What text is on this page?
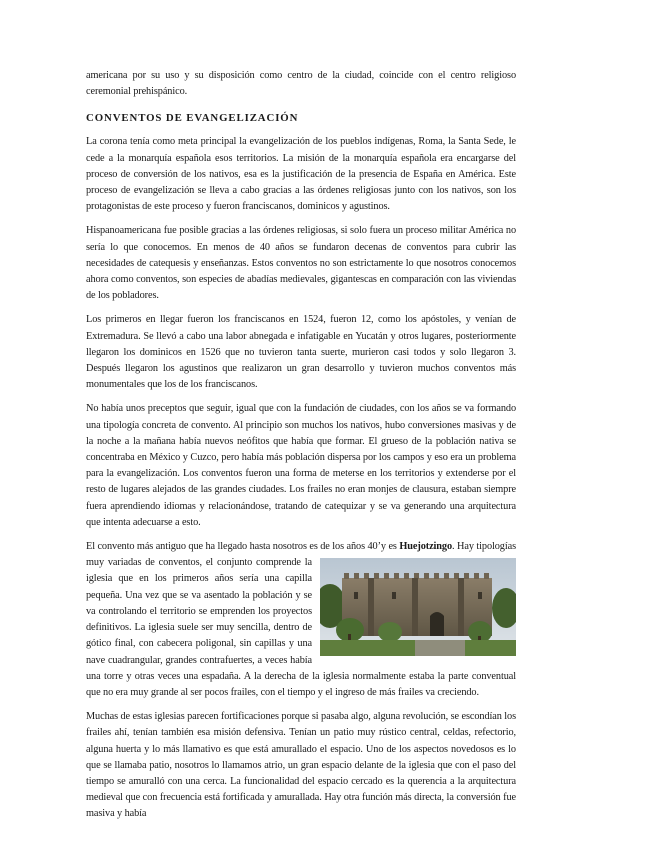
americana por su uso y su disposición como centro de la ciudad, coincide con el centro religioso ceremonial prehispánico.

CONVENTOS DE EVANGELIZACIÓN

La corona tenía como meta principal la evangelización de los pueblos indígenas, Roma, la Santa Sede, le cede a la monarquía española esos territorios. La misión de la monarquía española era encargarse del proceso de conversión de los nativos, esa es la justificación de la presencia de España en América. Este proceso de evangelización se lleva a cabo gracias a las órdenes religiosas junto con los nativos, son los protagonistas de este proceso y fueron franciscanos, dominicos y agustinos.

Hispanoamericana fue posible gracias a las órdenes religiosas, si solo fuera un proceso militar América no sería lo que conocemos. En menos de 40 años se fundaron decenas de conventos para cubrir las necesidades de catequesis y enseñanzas. Estos conventos no son estrictamente lo que nosotros conocemos ahora como conventos, son especies de abadías medievales, gigantescas en comparación con las viviendas de los pobladores.

Los primeros en llegar fueron los franciscanos en 1524, fueron 12, como los apóstoles, y venían de Extremadura. Se llevó a cabo una labor abnegada e infatigable en Yucatán y otros lugares, posteriormente llegaron los dominicos en 1526 que no tuvieron tanta suerte, murieron casi todos y solo llegaron 3. Después llegaron los agustinos que realizaron un gran desarrollo y tuvieron muchos conventos más monumentales que los de los franciscanos.

No había unos preceptos que seguir, igual que con la fundación de ciudades, con los años se va formando una tipología concreta de convento. Al principio son muchos los nativos, hubo conversiones masivas y de la noche a la mañana había nuevos neófitos que había que formar. El grueso de la población nativa se concentraba en México y Cuzco, pero había más población dispersa por los campos y eso era un problema para la evangelización. Los conventos fueron una forma de meterse en los territorios y extenderse por el resto de lugares alejados de las grandes ciudades. Los frailes no eran monjes de clausura, estaban siempre fuera aprendiendo idiomas y relacionándose, tratando de catequizar y se va generando una arquitectura que intenta adecuarse a esto.

El convento más antiguo que ha llegado hasta nosotros es de los años 40’y es Huejotzingo
. Hay tipologías muy variadas de conventos, el conjunto comprende la iglesia que en los primeros años sería una capilla pequeña. Una vez que se va asentado la población y se va controlando el territorio se emprenden los proyectos definitivos. La iglesia suele ser muy sencilla, dentro de gótico final, con cabecera poligonal, sin capillas y una nave cuadrangular, grandes contrafuertes, a veces había una torre y otras veces una espadaña. A la derecha de la iglesia normalmente estaba la parte conventual que no era muy grande al ser pocos frailes, con el tiempo y el ingreso de más frailes va creciendo.

Muchas de estas iglesias parecen fortificaciones porque si pasaba algo, alguna revolución, se escondían los frailes ahí, tenían también esa misión defensiva. Tenían un patio muy rústico central, celdas, refectorio, alguna huerta y lo más llamativo es que está amurallado el espacio. Uno de los aspectos novedosos es lo que se llamaba patio, nosotros lo llamamos atrio, un gran espacio delante de la iglesia que con el paso del tiempo se amuralló con una cerca. La funcionalidad del espacio cercado es la querencia a la arquitectura medieval que con frecuencia está fortificada y amurallada. Hay otra función más directa, la conversión fue masiva y había
